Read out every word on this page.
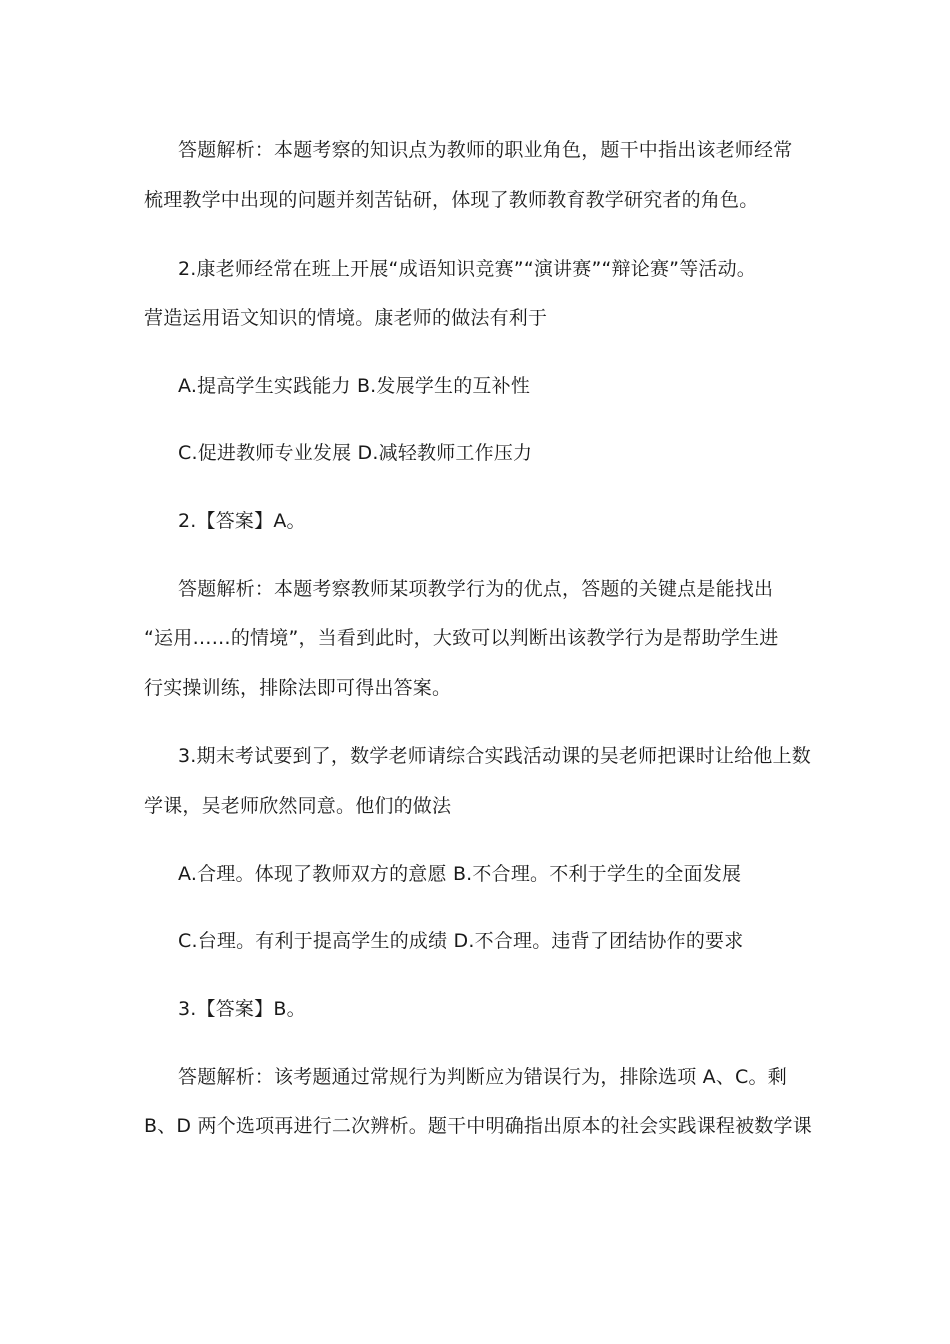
答题解析：本题考察的知识点为教师的职业角色，题干中指出该老师经常
梳理教学中出现的问题并刻苦钻研，体现了教师教育教学研究者的角色。
2.康老师经常在班上开展“成语知识竞赛”“演讲赛”“辩论赛”等活动。
营造运用语文知识的情境。康老师的做法有利于
A.提高学生实践能力 B.发展学生的互补性
C.促进教师专业发展 D.减轻教师工作压力
2.【答案】A。
答题解析：本题考察教师某项教学行为的优点，答题的关键点是能找出
“运用……的情境”，当看到此时，大致可以判断出该教学行为是帮助学生进
行实操训练，排除法即可得出答案。
3.期末考试要到了，数学老师请综合实践活动课的吴老师把课时让给他上数
学课，吴老师欣然同意。他们的做法
A.合理。体现了教师双方的意愿 B.不合理。不利于学生的全面发展
C.台理。有利于提高学生的成绩 D.不合理。违背了团结协作的要求
3.【答案】B。
答题解析：该考题通过常规行为判断应为错误行为，排除选项 A、C。剩
B、D 两个选项再进行二次辨析。题干中明确指出原本的社会实践课程被数学课
